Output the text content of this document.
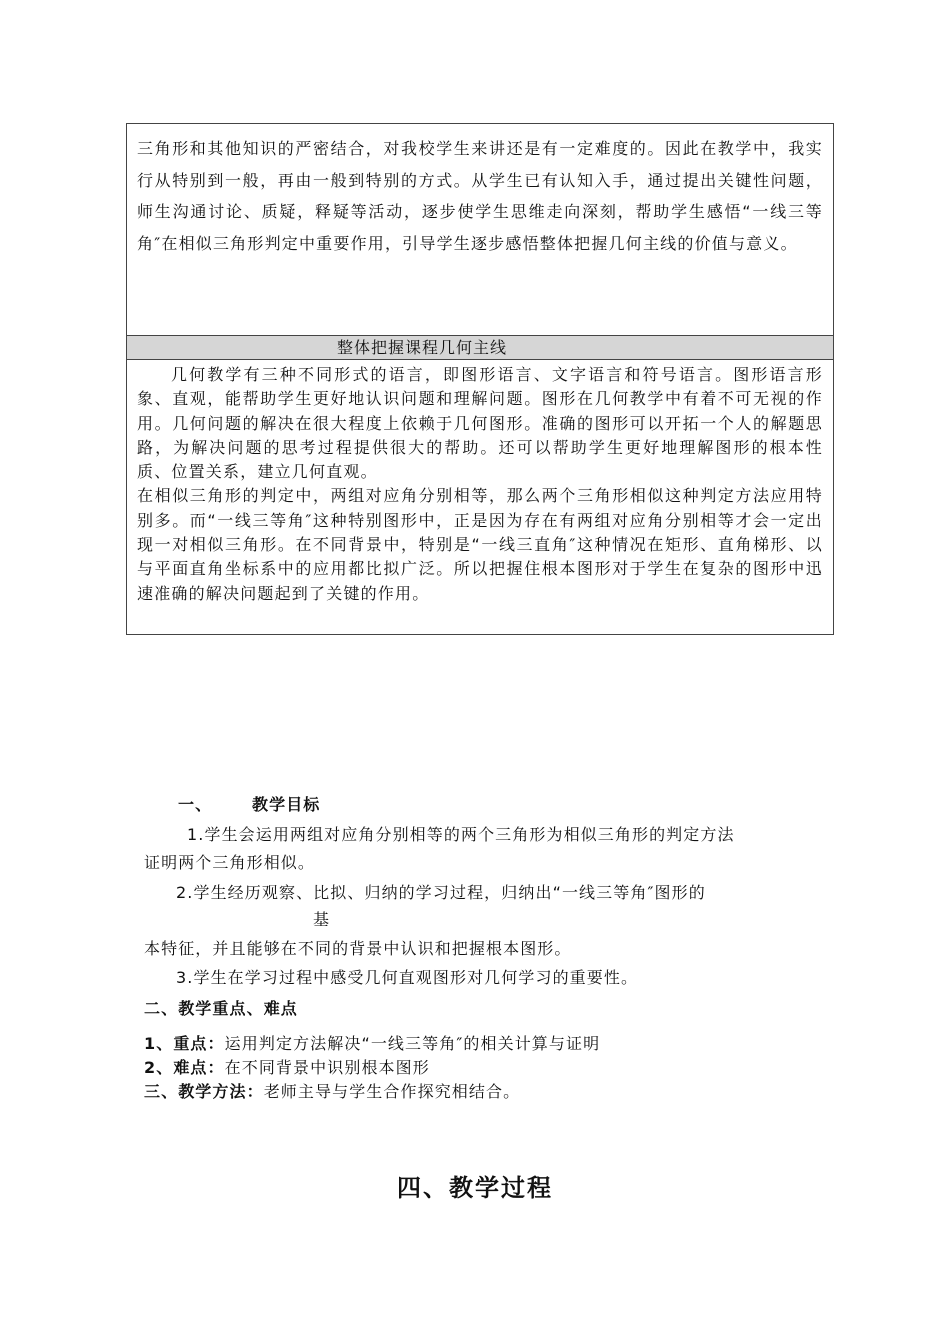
三角形和其他知识的严密结合，对我校学生来讲还是有一定难度的。因此在教学中，我实行从特别到一般，再由一般到特别的方式。从学生已有认知入手，通过提出关键性问题，师生沟通讨论、质疑，释疑等活动，逐步使学生思维走向深刻，帮助学生感悟“一线三等角″在相似三角形判定中重要作用，引导学生逐步感悟整体把握几何主线的价值与意义。

整体把握课程几何主线

几何教学有三种不同形式的语言，即图形语言、文字语言和符号语言。图形语言形象、直观，能帮助学生更好地认识问题和理解问题。图形在几何教学中有着不可无视的作用。几何问题的解决在很大程度上依赖于几何图形。准确的图形可以开拓一个人的解题思路，为解决问题的思考过程提供很大的帮助。还可以帮助学生更好地理解图形的根本性质、位置关系，建立几何直观。

在相似三角形的判定中，两组对应角分别相等，那么两个三角形相似这种判定方法应用特别多。而“一线三等角″这种特别图形中，正是因为存在有两组对应角分别相等才会一定出现一对相似三角形。在不同背景中，特别是“一线三直角″这种情况在矩形、直角梯形、以与平面直角坐标系中的应用都比拟广泛。所以把握住根本图形对于学生在复杂的图形中迅速准确的解决问题起到了关键的作用。

一、 教学目标
1.学生会运用两组对应角分别相等的两个三角形为相似三角形的判定方法
证明两个三角形相似。
2.学生经历观察、比拟、归纳的学习过程，归纳出“一线三等角″图形的
基
本特征，并且能够在不同的背景中认识和把握根本图形。
3.学生在学习过程中感受几何直观图形对几何学习的重要性。
二、教学重点、难点
1、重点：运用判定方法解决“一线三等角″的相关计算与证明
2、难点：在不同背景中识别根本图形
三、教学方法：老师主导与学生合作探究相结合。
四、教学过程
